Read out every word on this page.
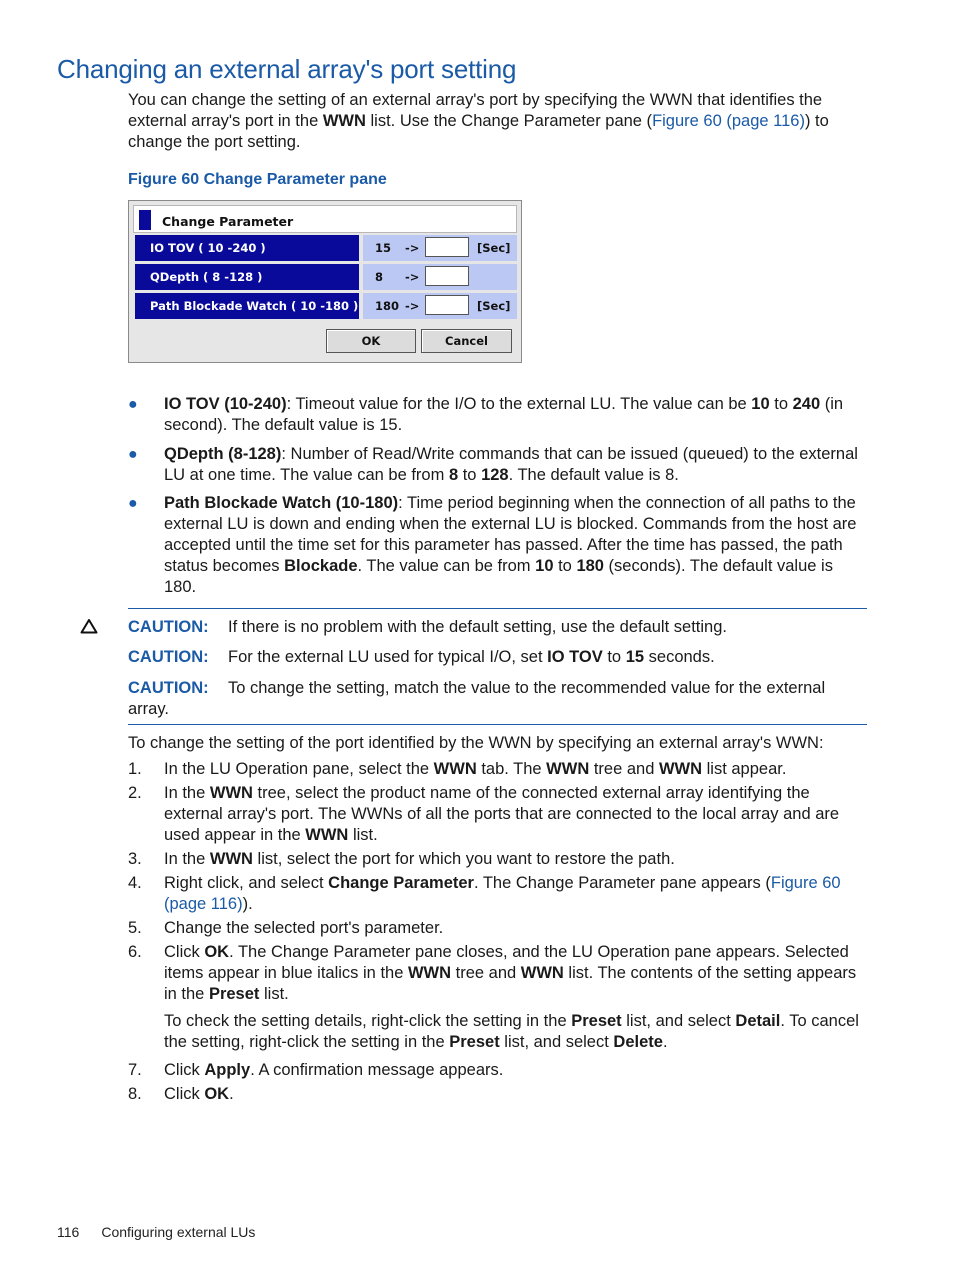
Changing an external array's port setting
You can change the setting of an external array's port by specifying the WWN that identifies the external array's port in the WWN list. Use the Change Parameter pane (Figure 60 (page 116)) to change the port setting.
Figure 60 Change Parameter pane
Change Parameter
IO TOV ( 10 -240 )	15 ->	[Sec]
QDepth ( 8 -128 )	8 ->
Path Blockade Watch ( 10 -180 ) 180 ->	[Sec]
OK	Cancel
● IO TOV (10-240): Timeout value for the I/O to the external LU. The value can be 10 to 240 (in second). The default value is 15.
● QDepth (8-128): Number of Read/Write commands that can be issued (queued) to the external LU at one time. The value can be from 8 to 128. The default value is 8.
● Path Blockade Watch (10-180): Time period beginning when the connection of all paths to the external LU is down and ending when the external LU is blocked. Commands from the host are accepted until the time set for this parameter has passed. After the time has passed, the path status becomes Blockade. The value can be from 10 to 180 (seconds). The default value is 180.
CAUTION: If there is no problem with the default setting, use the default setting.
CAUTION: For the external LU used for typical I/O, set IO TOV to 15 seconds.
CAUTION: To change the setting, match the value to the recommended value for the external array.
To change the setting of the port identified by the WWN by specifying an external array's WWN:
1. In the LU Operation pane, select the WWN tab. The WWN tree and WWN list appear.
2. In the WWN tree, select the product name of the connected external array identifying the external array's port. The WWNs of all the ports that are connected to the local array and are used appear in the WWN list.
3. In the WWN list, select the port for which you want to restore the path.
4. Right click, and select Change Parameter. The Change Parameter pane appears (Figure 60 (page 116)).
5. Change the selected port's parameter.
6. Click OK. The Change Parameter pane closes, and the LU Operation pane appears. Selected items appear in blue italics in the WWN tree and WWN list. The contents of the setting appears in the Preset list.
To check the setting details, right-click the setting in the Preset list, and select Detail. To cancel the setting, right-click the setting in the Preset list, and select Delete.
7. Click Apply. A confirmation message appears.
8. Click OK.
116 Configuring external LUs
